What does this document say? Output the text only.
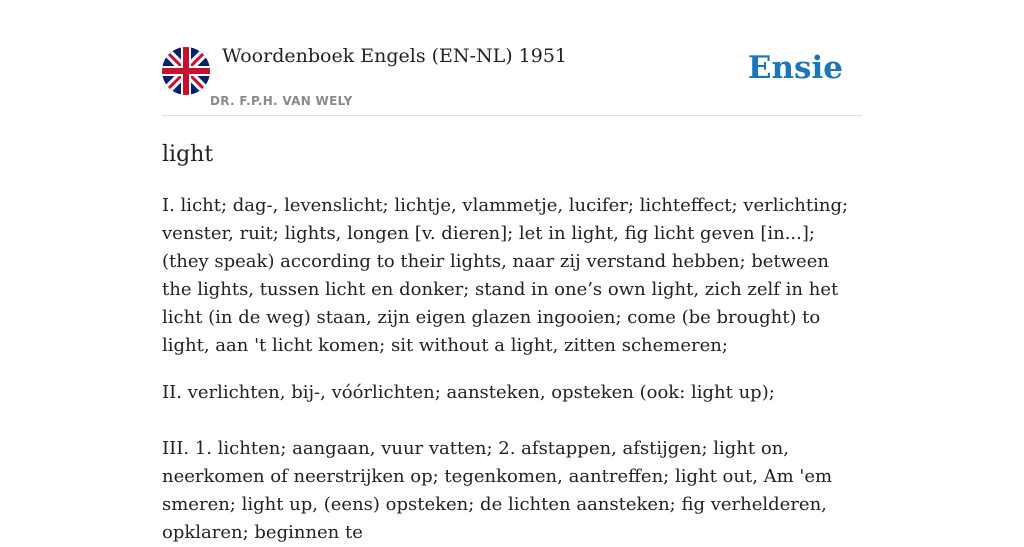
Woordenboek Engels (EN-NL) 1951
DR. F.P.H. VAN WELY
Ensie
light

I. licht; dag-, levenslicht; lichtje, vlammetje, lucifer; lichteffect; verlichting; venster, ruit; lights, longen [v. dieren]; let in light, fig licht geven [in...]; (they speak) according to their lights, naar zij verstand hebben; between the lights, tussen licht en donker; stand in one’s own light, zich zelf in het licht (in de weg) staan, zijn eigen glazen ingooien; come (be brought) to light, aan 't licht komen; sit without a light, zitten schemeren;

II. verlichten, bij-, vóórlichten; aansteken, opsteken (ook: light up);

III. 1. lichten; aangaan, vuur vatten; 2. afstappen, afstijgen; light on, neerkomen of neerstrijken op; tegenkomen, aantreffen; light out, Am 'em smeren; light up, (eens) opsteken; de lichten aansteken; fig verhelderen, opklaren; beginnen te
